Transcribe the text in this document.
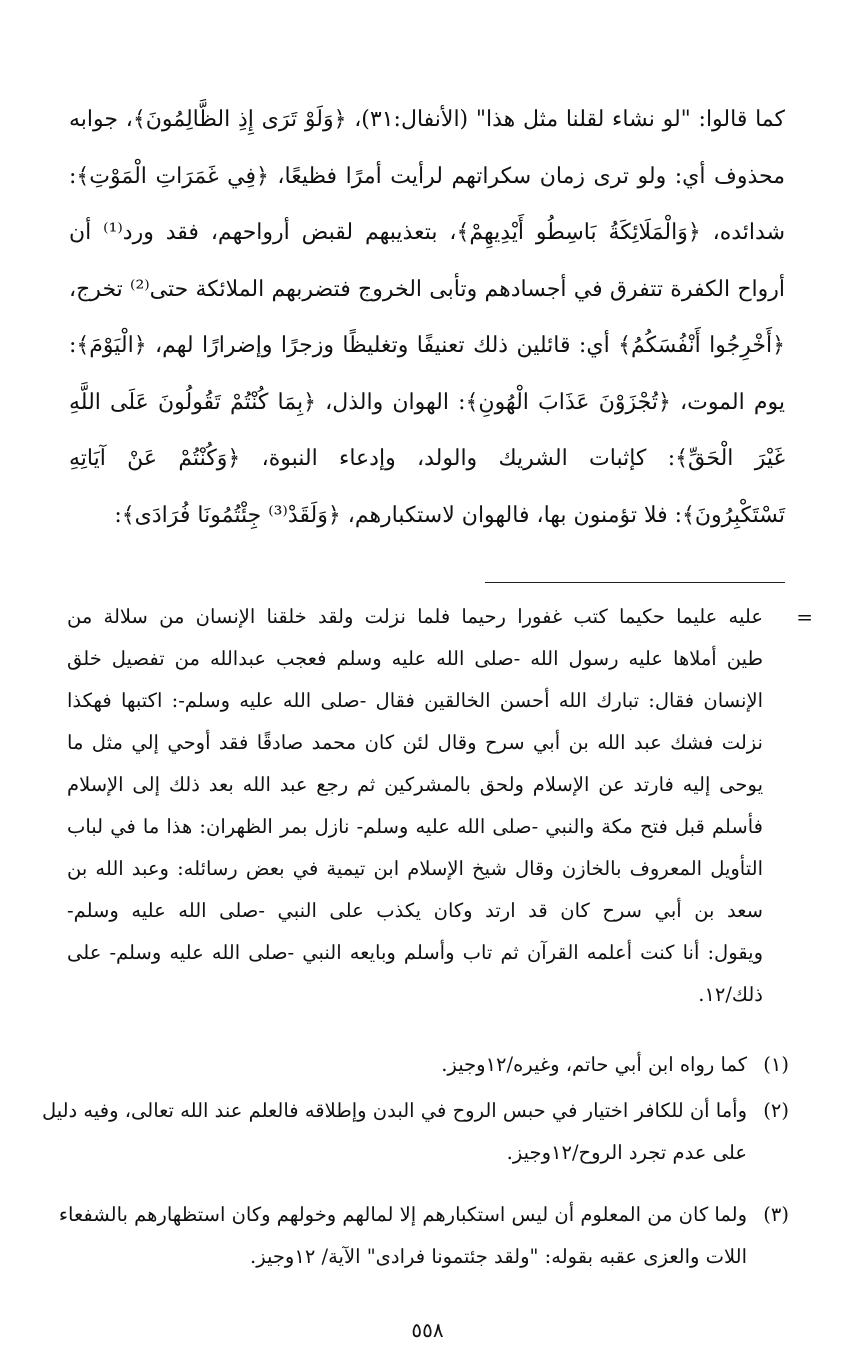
كما قالوا: "لو نشاء لقلنا مثل هذا" (الأنفال:٣١)، ﴿وَلَوْ تَرَى إِذِ الظَّالِمُونَ﴾، جوابه
محذوف أي: ولو ترى زمان سكراتهم لرأيت أمرًا فظيعًا، ﴿فِي غَمَرَاتِ الْمَوْتِ﴾:
شدائده، ﴿وَالْمَلَائِكَةُ بَاسِطُو أَيْدِيهِمْ﴾، بتعذيبهم لقبض أرواحهم، فقد ورد⁽¹⁾ أن
أرواح الكفرة تتفرق في أجسادهم وتأبى الخروج فتضربهم الملائكة حتى⁽²⁾ تخرج،
﴿أَخْرِجُوا أَنْفُسَكُمُ﴾ أي: قائلين ذلك تعنيفًا وتغليظًا وزجرًا وإضرارًا لهم، ﴿الْيَوْمَ﴾:
يوم الموت، ﴿تُجْزَوْنَ عَذَابَ الْهُونِ﴾: الهوان والذل، ﴿بِمَا كُنْتُمْ تَقُولُونَ عَلَى اللَّهِ
غَيْرَ الْحَقِّ﴾: كإثبات الشريك والولد، وإدعاء النبوة، ﴿وَكُنْتُمْ عَنْ آيَاتِهِ
تَسْتَكْبِرُونَ﴾: فلا تؤمنون بها، فالهوان لاستكبارهم، ﴿وَلَقَدْ⁽³⁾ جِئْتُمُونَا فُرَادَى﴾:
=
عليه عليما حكيما كتب غفورا رحيما فلما نزلت ولقد خلقنا الإنسان من سلالة من
طين أملاها عليه رسول الله -صلى الله عليه وسلم فعجب عبدالله من تفصيل خلق
الإنسان فقال: تبارك الله أحسن الخالقين فقال -صلى الله عليه وسلم-: اكتبها فهكذا
نزلت فشك عبد الله بن أبي سرح وقال لئن كان محمد صادقًا فقد أوحي إلي مثل ما
يوحى إليه فارتد عن الإسلام ولحق بالمشركين ثم رجع عبد الله بعد ذلك إلى الإسلام
فأسلم قبل فتح مكة والنبي -صلى الله عليه وسلم- نازل بمر الظهران: هذا ما في لباب
التأويل المعروف بالخازن وقال شيخ الإسلام ابن تيمية في بعض رسائله: وعبد الله بن
سعد بن أبي سرح كان قد ارتد وكان يكذب على النبي -صلى الله عليه وسلم-
ويقول: أنا كنت أعلمه القرآن ثم تاب وأسلم وبايعه النبي -صلى الله عليه وسلم- على
ذلك/١٢.
(١)
كما رواه ابن أبي حاتم، وغيره/١٢وجيز.
(٢)
وأما أن للكافر اختيار في حبس الروح في البدن وإطلاقه فالعلم عند الله تعالى، وفيه دليل
على عدم تجرد الروح/١٢وجيز.
(٣)
ولما كان من المعلوم أن ليس استكبارهم إلا لمالهم وخولهم وكان استظهارهم بالشفعاء
اللات والعزى عقبه بقوله: "ولقد جئتمونا فرادى" الآية/ ١٢وجيز.
٥٥٨
